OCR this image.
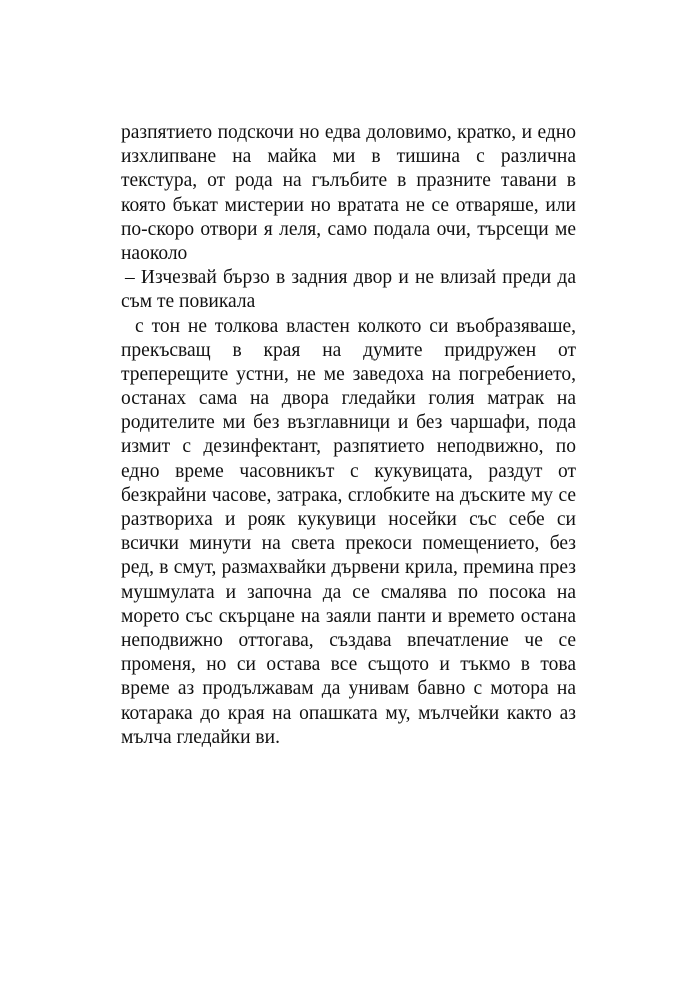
разпятието подскочи но едва доловимо, кратко, и едно
изхлипване на майка ми в тишина с различна
текстура, от рода на гълъбите в празните тавани в
която бъкат мистерии но вратата не се отваряше, или
по-скоро отвори я леля, само подала очи, търсещи ме
наоколо
– Изчезвай бързо в задния двор и не влизай преди да
съм те повикала
с тон не толкова властен колкото си въобразяваше,
прекъсващ в края на думите придружен от
треперещите устни, не ме заведоха на погребението,
останах сама на двора гледайки голия матрак на
родителите ми без възглавници и без чаршафи, пода
измит с дезинфектант, разпятието неподвижно, по
едно време часовникът с кукувицата, раздут от
безкрайни часове, затрака, сглобките на дъските му се
разтвориха и рояк кукувици носейки със себе си
всички минути на света прекоси помещението, без
ред, в смут, размахвайки дървени крила, премина през
мушмулата и започна да се смалява по посока на
морето със скърцане на заяли панти и времето остана
неподвижно оттогава, създава впечатление че се
променя, но си остава все същото и тъкмо в това
време аз продължавам да унивам бавно с мотора на
котарака до края на опашката му, мълчейки както аз
мълча гледайки ви.
